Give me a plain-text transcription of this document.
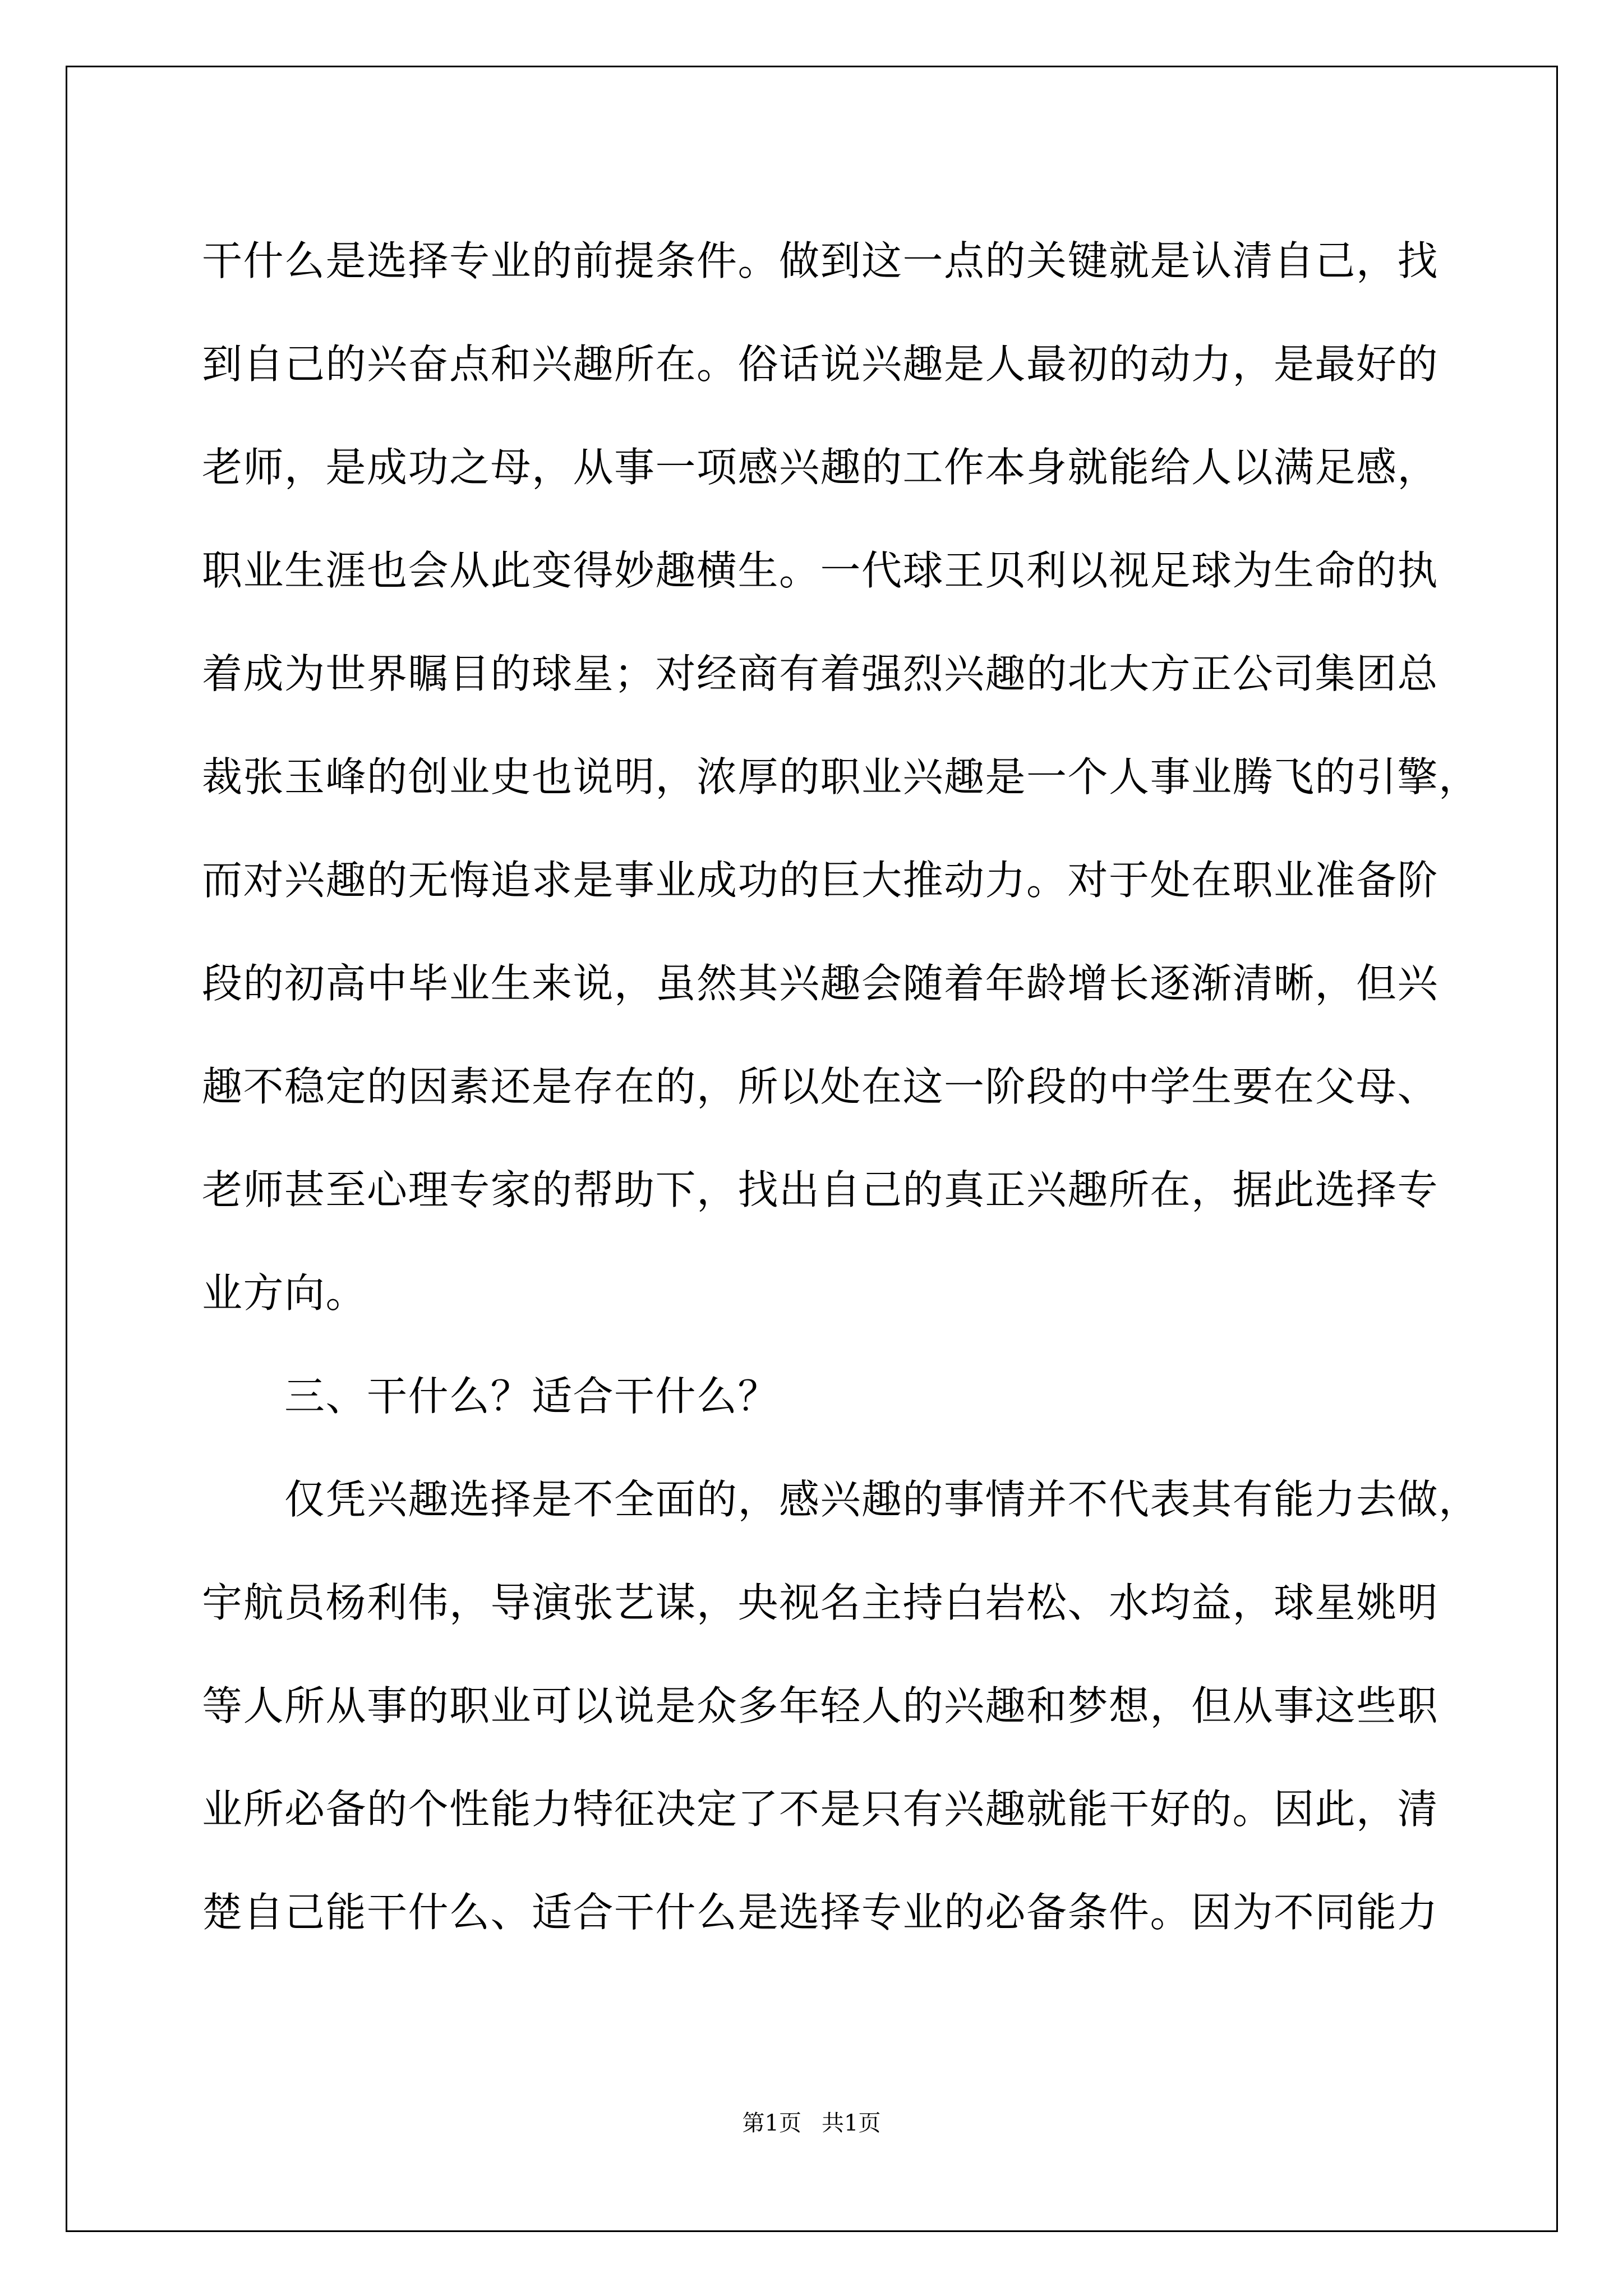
干什么是选择专业的前提条件。做到这一点的关键就是认清自己，找
到自己的兴奋点和兴趣所在。俗话说兴趣是人最初的动力，是最好的
老师，是成功之母，从事一项感兴趣的工作本身就能给人以满足感，
职业生涯也会从此变得妙趣横生。一代球王贝利以视足球为生命的执
着成为世界瞩目的球星；对经商有着强烈兴趣的北大方正公司集团总
裁张玉峰的创业史也说明，浓厚的职业兴趣是一个人事业腾飞的引擎，
而对兴趣的无悔追求是事业成功的巨大推动力。对于处在职业准备阶
段的初高中毕业生来说，虽然其兴趣会随着年龄增长逐渐清晰，但兴
趣不稳定的因素还是存在的，所以处在这一阶段的中学生要在父母、
老师甚至心理专家的帮助下，找出自己的真正兴趣所在，据此选择专
业方向。
三、干什么？适合干什么？
仅凭兴趣选择是不全面的，感兴趣的事情并不代表其有能力去做，
宇航员杨利伟，导演张艺谋，央视名主持白岩松、水均益，球星姚明
等人所从事的职业可以说是众多年轻人的兴趣和梦想，但从事这些职
业所必备的个性能力特征决定了不是只有兴趣就能干好的。因此，清
楚自己能干什么、适合干什么是选择专业的必备条件。因为不同能力
第1页 共1页
